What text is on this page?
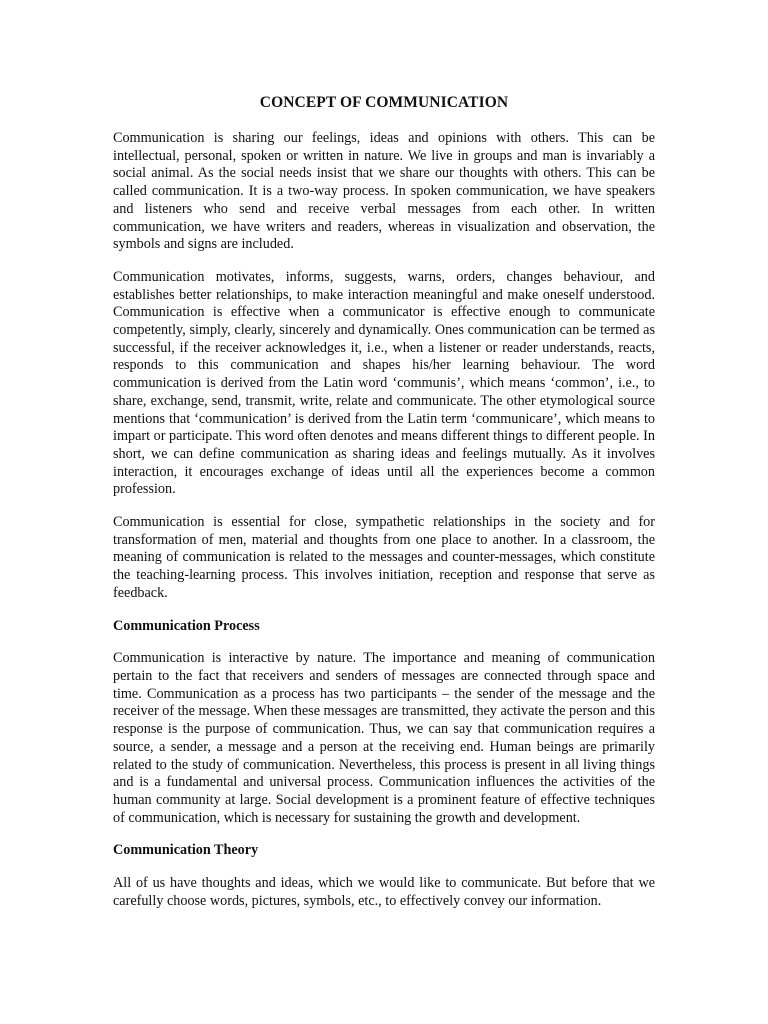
CONCEPT OF COMMUNICATION

Communication is sharing our feelings, ideas and opinions with others. This can be intellectual, personal, spoken or written in nature. We live in groups and man is invariably a social animal. As the social needs insist that we share our thoughts with others. This can be called communication. It is a two-way process. In spoken communication, we have speakers and listeners who send and receive verbal messages from each other. In written communication, we have writers and readers, whereas in visualization and observation, the symbols and signs are included.

Communication motivates, informs, suggests, warns, orders, changes behaviour, and establishes better relationships, to make interaction meaningful and make oneself understood. Communication is effective when a communicator is effective enough to communicate competently, simply, clearly, sincerely and dynamically. Ones communication can be termed as successful, if the receiver acknowledges it, i.e., when a listener or reader understands, reacts, responds to this communication and shapes his/her learning behaviour. The word communication is derived from the Latin word ‘communis’, which means ‘common’, i.e., to share, exchange, send, transmit, write, relate and communicate. The other etymological source mentions that ‘communication’ is derived from the Latin term ‘communicare’, which means to impart or participate. This word often denotes and means different things to different people. In short, we can define communication as sharing ideas and feelings mutually. As it involves interaction, it encourages exchange of ideas until all the experiences become a common profession.

Communication is essential for close, sympathetic relationships in the society and for transformation of men, material and thoughts from one place to another. In a classroom, the meaning of communication is related to the messages and counter-messages, which constitute the teaching-learning process. This involves initiation, reception and response that serve as feedback.

Communication Process

Communication is interactive by nature. The importance and meaning of communication pertain to the fact that receivers and senders of messages are connected through space and time. Communication as a process has two participants – the sender of the message and the receiver of the message. When these messages are transmitted, they activate the person and this response is the purpose of communication. Thus, we can say that communication requires a source, a sender, a message and a person at the receiving end. Human beings are primarily related to the study of communication. Nevertheless, this process is present in all living things and is a fundamental and universal process. Communication influences the activities of the human community at large. Social development is a prominent feature of effective techniques of communication, which is necessary for sustaining the growth and development.

Communication Theory

All of us have thoughts and ideas, which we would like to communicate. But before that we carefully choose words, pictures, symbols, etc., to effectively convey our information.
